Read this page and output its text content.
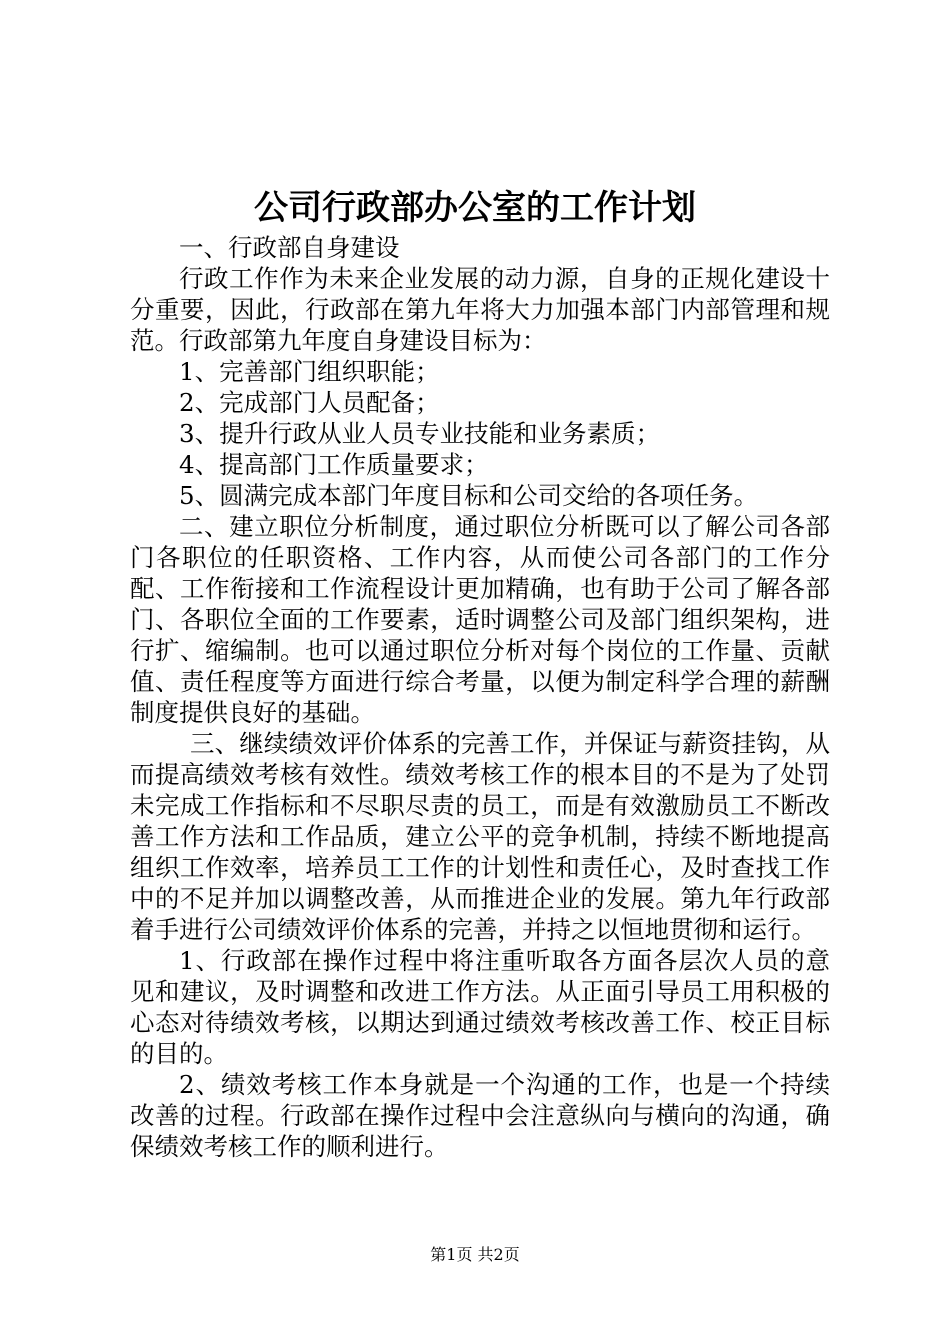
公司行政部办公室的工作计划

一、行政部自身建设

行政工作作为未来企业发展的动力源，自身的正规化建设十分重要，因此，行政部在第九年将大力加强本部门内部管理和规范。行政部第九年度自身建设目标为：

1、完善部门组织职能；

2、完成部门人员配备；

3、提升行政从业人员专业技能和业务素质；

4、提高部门工作质量要求；

5、圆满完成本部门年度目标和公司交给的各项任务。

二、建立职位分析制度，通过职位分析既可以了解公司各部门各职位的任职资格、工作内容，从而使公司各部门的工作分配、工作衔接和工作流程设计更加精确，也有助于公司了解各部门、各职位全面的工作要素，适时调整公司及部门组织架构，进行扩、缩编制。也可以通过职位分析对每个岗位的工作量、贡献值、责任程度等方面进行综合考量，以便为制定科学合理的薪酬制度提供良好的基础。

三、继续绩效评价体系的完善工作，并保证与薪资挂钩，从而提高绩效考核有效性。绩效考核工作的根本目的不是为了处罚未完成工作指标和不尽职尽责的员工，而是有效激励员工不断改善工作方法和工作品质，建立公平的竞争机制，持续不断地提高组织工作效率，培养员工工作的计划性和责任心，及时查找工作中的不足并加以调整改善，从而推进企业的发展。第九年行政部着手进行公司绩效评价体系的完善，并持之以恒地贯彻和运行。

1、行政部在操作过程中将注重听取各方面各层次人员的意见和建议，及时调整和改进工作方法。从正面引导员工用积极的心态对待绩效考核，以期达到通过绩效考核改善工作、校正目标的目的。

2、绩效考核工作本身就是一个沟通的工作，也是一个持续改善的过程。行政部在操作过程中会注意纵向与横向的沟通，确保绩效考核工作的顺利进行。

第1页 共2页
